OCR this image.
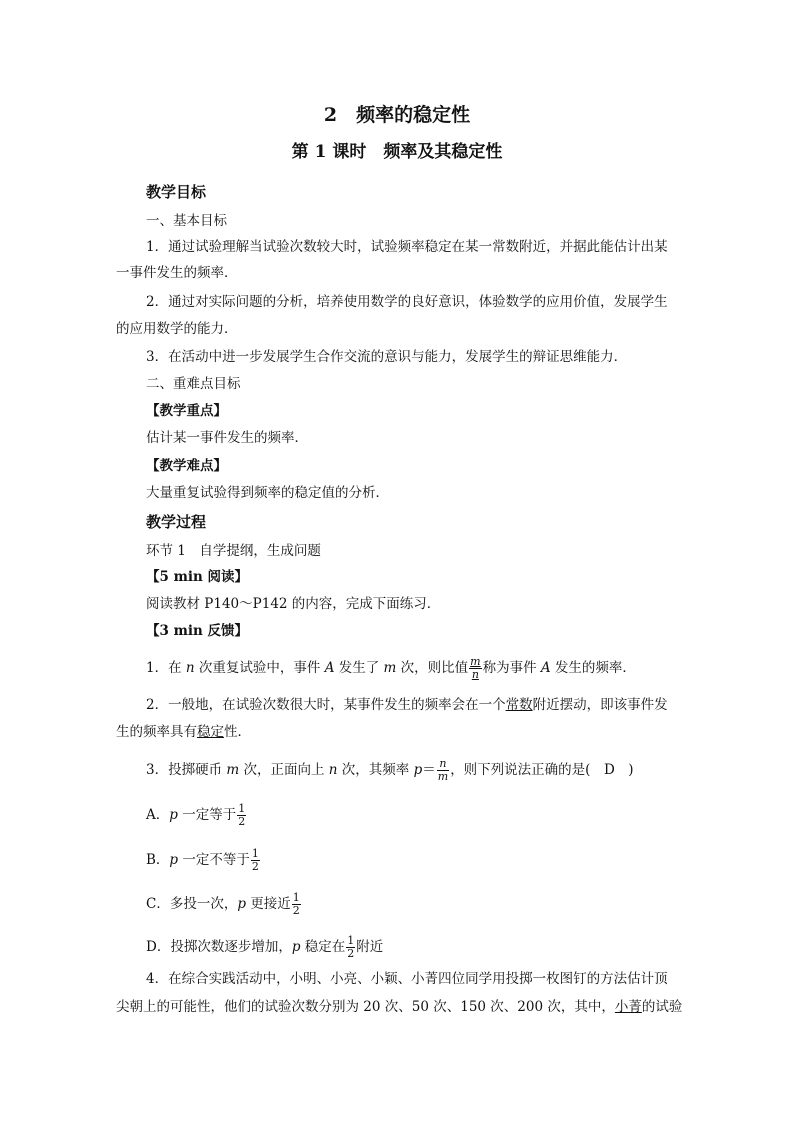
2　频率的稳定性
第 1 课时　频率及其稳定性
教学目标
一、基本目标
1．通过试验理解当试验次数较大时，试验频率稳定在某一常数附近，并据此能估计出某
一事件发生的频率．
2．通过对实际问题的分析，培养使用数学的良好意识，体验数学的应用价值，发展学生
的应用数学的能力．
3．在活动中进一步发展学生合作交流的意识与能力，发展学生的辩证思维能力．
二、重难点目标
【教学重点】
估计某一事件发生的频率．
【教学难点】
大量重复试验得到频率的稳定值的分析．
教学过程
环节 1　自学提纲，生成问题
【5 min 阅读】
阅读教材 P140～P142 的内容，完成下面练习．
【3 min 反馈】
1．在 n 次重复试验中，事件 A 发生了 m 次，则比值 $\frac{m}{n}$ 称为事件 A 发生的频率．
2．一般地，在试验次数很大时，某事件发生的频率会在一个常数附近摆动，即该事件发
生的频率具有稳定性．
3．投掷硬币 m 次，正面向上 n 次，其频率 $p= \frac{n}{m}$ ，则下列说法正确的是(　D　)
A．p 一定等于 $\frac{1}{2}$
B．p 一定不等于 $\frac{1}{2}$
C．多投一次，p 更接近 $\frac{1}{2}$
D．投掷次数逐步增加，p 稳定在 $\frac{1}{2}$ 附近
4．在综合实践活动中，小明、小亮、小颖、小菁四位同学用投掷一枚图钉的方法估计顶
尖朝上的可能性，他们的试验次数分别为 20 次、50 次、150 次、200 次，其中，小菁的试验
